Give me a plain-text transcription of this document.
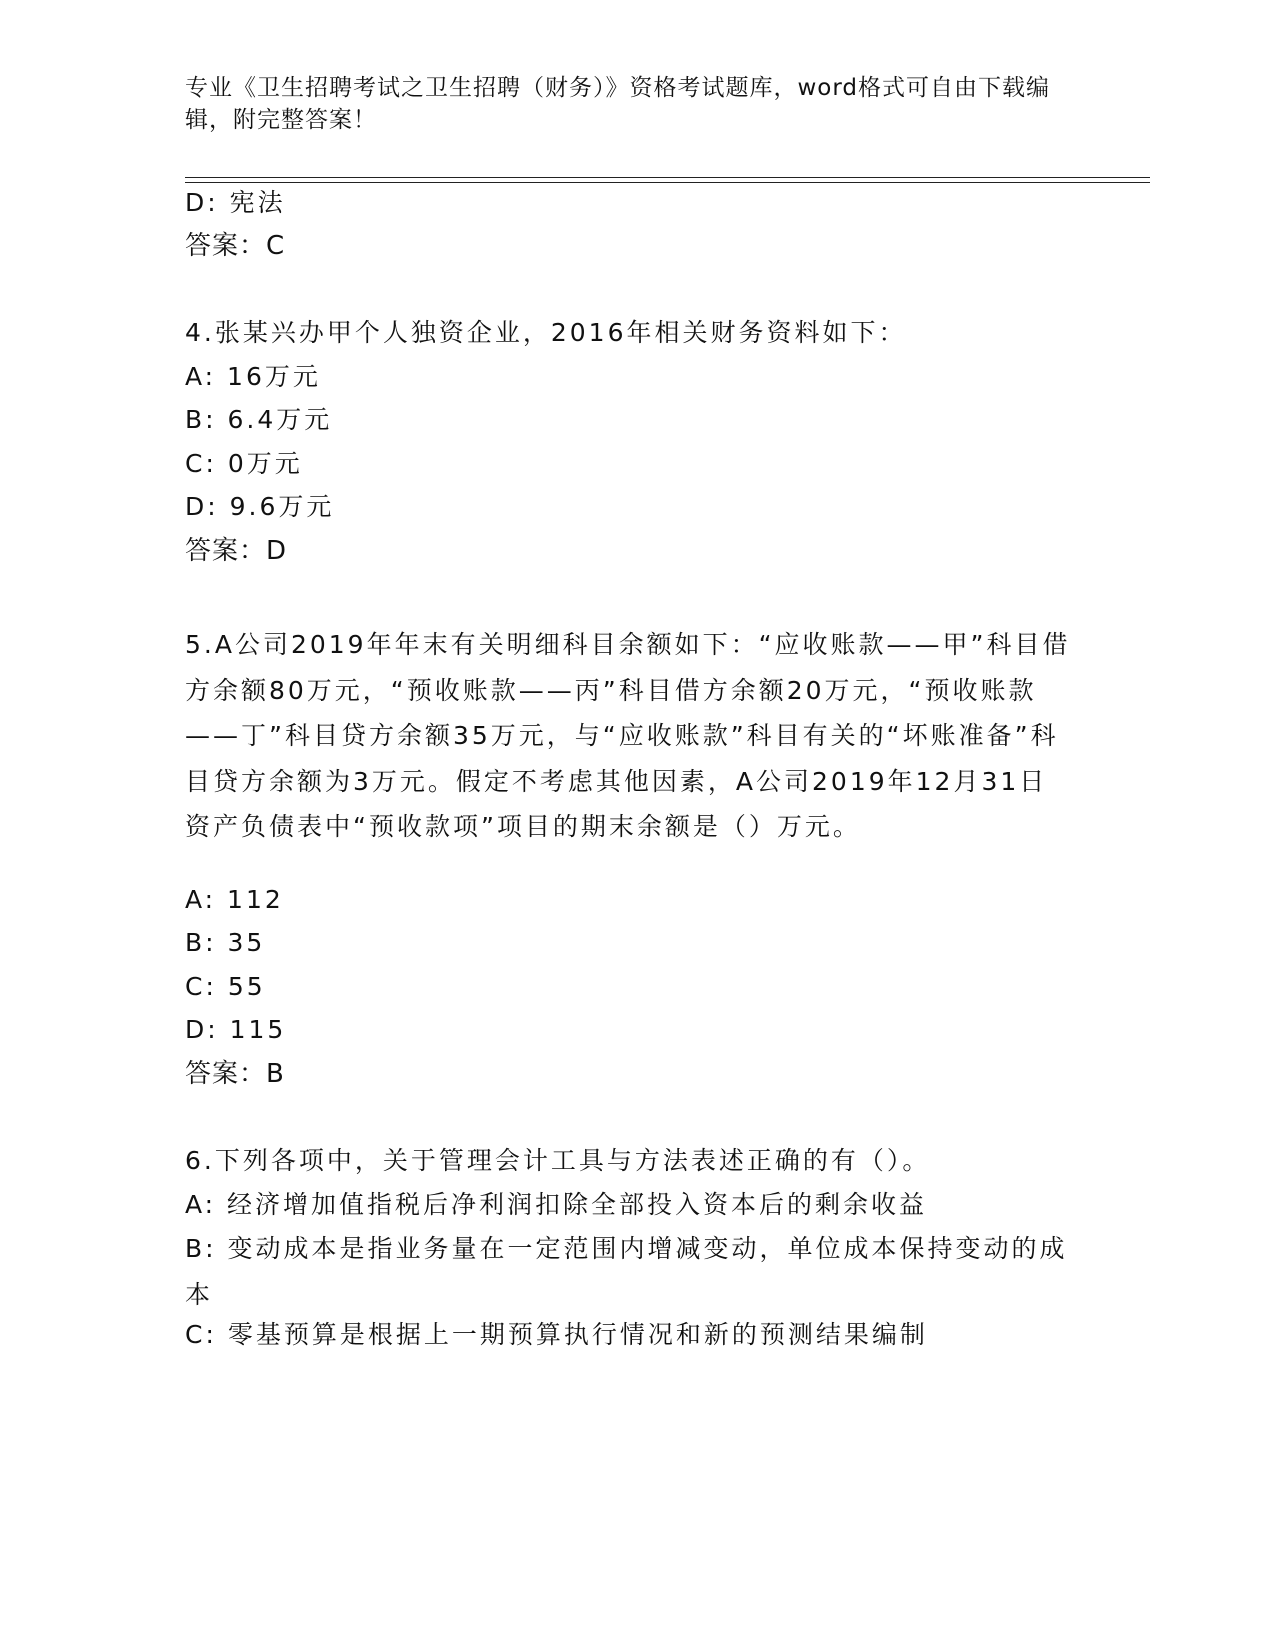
专业《卫生招聘考试之卫生招聘（财务）》资格考试题库，word格式可自由下载编辑，附完整答案！
D: 宪法
答案：C
4.张某兴办甲个人独资企业，2016年相关财务资料如下：
A: 16万元
B: 6.4万元
C: 0万元
D: 9.6万元
答案：D
5.A公司2019年年末有关明细科目余额如下：“应收账款——甲”科目借方余额80万元，“预收账款——丙”科目借方余额20万元，“预收账款——丁”科目贷方余额35万元，与“应收账款”科目有关的“坏账准备”科目贷方余额为3万元。假定不考虑其他因素，A公司2019年12月31日资产负债表中“预收款项”项目的期末余额是（）万元。
A: 112
B: 35
C: 55
D: 115
答案：B
6.下列各项中，关于管理会计工具与方法表述正确的有（）。
A: 经济增加值指税后净利润扣除全部投入资本后的剩余收益
B: 变动成本是指业务量在一定范围内增减变动，单位成本保持变动的成本
C: 零基预算是根据上一期预算执行情况和新的预测结果编制
